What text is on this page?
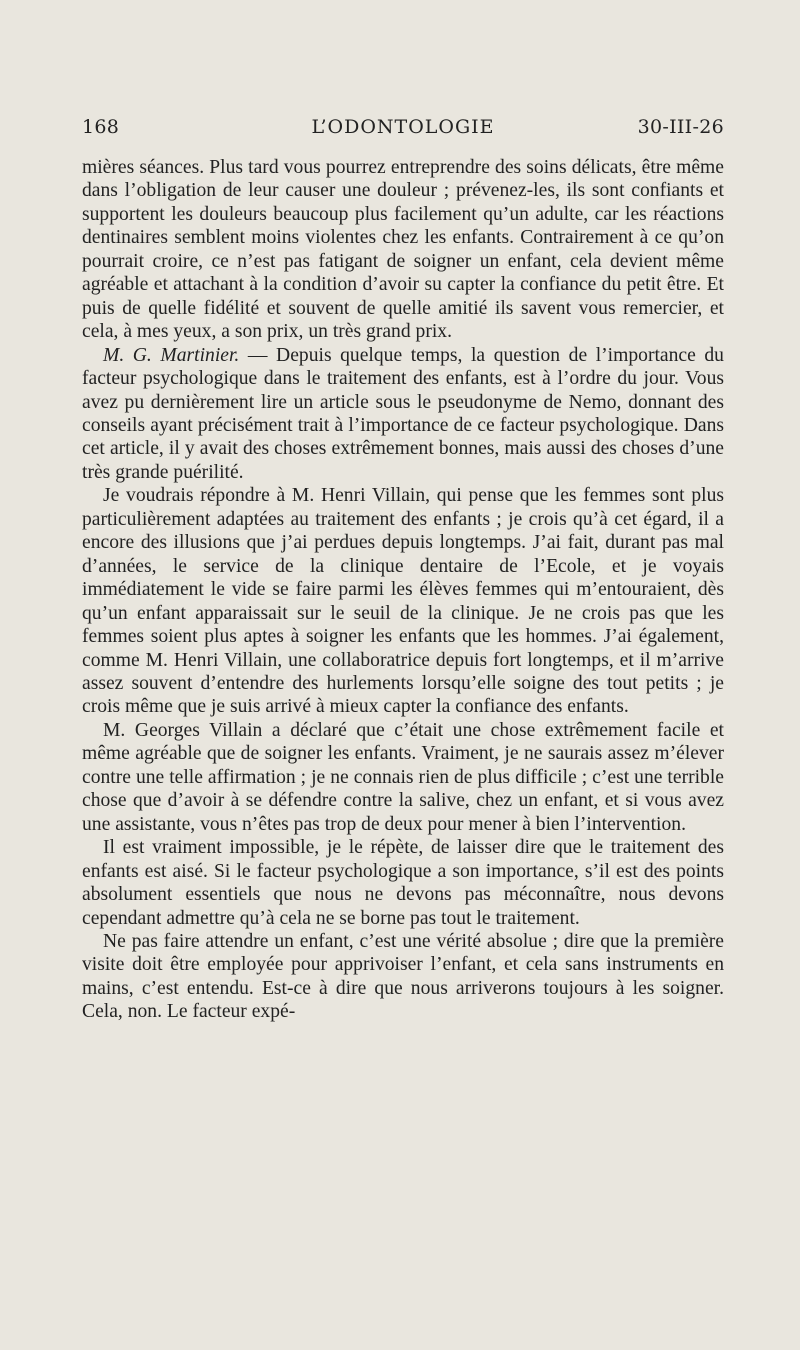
168	L’ODONTOLOGIE	30-III-26

mières séances. Plus tard vous pourrez entreprendre des soins délicats, être même dans l’obligation de leur causer une douleur ; prévenez-les, ils sont confiants et supportent les douleurs beaucoup plus facilement qu’un adulte, car les réactions dentinaires semblent moins violentes chez les enfants. Contrairement à ce qu’on pourrait croire, ce n’est pas fatigant de soigner un enfant, cela devient même agréable et attachant à la condition d’avoir su capter la confiance du petit être. Et puis de quelle fidélité et souvent de quelle amitié ils savent vous remercier, et cela, à mes yeux, a son prix, un très grand prix.

M. G. Martinier. — Depuis quelque temps, la question de l’importance du facteur psychologique dans le traitement des enfants, est à l’ordre du jour. Vous avez pu dernièrement lire un article sous le pseudonyme de Nemo, donnant des conseils ayant précisément trait à l’importance de ce facteur psychologique. Dans cet article, il y avait des choses extrêmement bonnes, mais aussi des choses d’une très grande puérilité.

Je voudrais répondre à M. Henri Villain, qui pense que les femmes sont plus particulièrement adaptées au traitement des enfants ; je crois qu’à cet égard, il a encore des illusions que j’ai perdues depuis longtemps. J’ai fait, durant pas mal d’années, le service de la clinique dentaire de l’Ecole, et je voyais immédiatement le vide se faire parmi les élèves femmes qui m’entouraient, dès qu’un enfant apparaissait sur le seuil de la clinique. Je ne crois pas que les femmes soient plus aptes à soigner les enfants que les hommes. J’ai également, comme M. Henri Villain, une collaboratrice depuis fort longtemps, et il m’arrive assez souvent d’entendre des hurlements lorsqu’elle soigne des tout petits ; je crois même que je suis arrivé à mieux capter la confiance des enfants.

M. Georges Villain a déclaré que c’était une chose extrêmement facile et même agréable que de soigner les enfants. Vraiment, je ne saurais assez m’élever contre une telle affirmation ; je ne connais rien de plus difficile ; c’est une terrible chose que d’avoir à se défendre contre la salive, chez un enfant, et si vous avez une assistante, vous n’êtes pas trop de deux pour mener à bien l’intervention.

Il est vraiment impossible, je le répète, de laisser dire que le traitement des enfants est aisé. Si le facteur psychologique a son importance, s’il est des points absolument essentiels que nous ne devons pas méconnaître, nous devons cependant admettre qu’à cela ne se borne pas tout le traitement.

Ne pas faire attendre un enfant, c’est une vérité absolue ; dire que la première visite doit être employée pour apprivoiser l’enfant, et cela sans instruments en mains, c’est entendu. Est-ce à dire que nous arriverons toujours à les soigner. Cela, non. Le facteur expé-
